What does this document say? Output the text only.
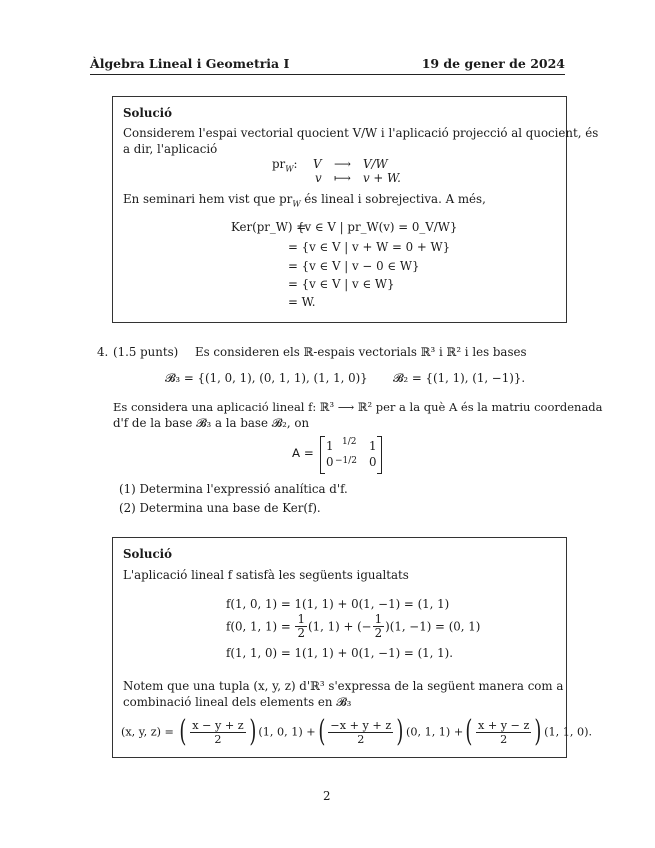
Àlgebra Lineal i Geometria I	19 de gener de 2024
Solució
Considerem l'espai vectorial quocient V/W i l'aplicació projecció al quocient, és
a dir, l'aplicació
$pr_W$: V ⟶ V/W
v ⟼ v + W.
En seminari hem vist que $pr_W$ és lineal i sobrejectiva. A més,
Ker(pr_W) =
{v ∈ V | pr_W(v) = 0_V/W}
= {v ∈ V | v + W = 0 + W}
= {v ∈ V | v − 0 ∈ W}
= {v ∈ V | v ∈ W}
= W.
4. (1.5 punts) Es consideren els ℝ-espais vectorials ℝ³ i ℝ² i les bases
𝓑₃ = {(1, 0, 1), (0, 1, 1), (1, 1, 0)} 𝓑₂ = {(1, 1), (1, −1)}.
Es considera una aplicació lineal f: ℝ³ ⟶ ℝ² per a la què A és la matriu coordenada
d'f de la base 𝓑₃ a la base 𝓑₂, on
A = 1 1/2 1
0 −1/2 0
(1) Determina l'expressió analítica d'f.
(2) Determina una base de Ker(f).
Solució
L'aplicació lineal f satisfà les següents igualtats
f(1, 0, 1) = 1(1, 1) + 0(1, −1) = (1, 1)
f(0, 1, $1) = \frac{1}{2} (1$, 1) + (− $\frac{1}{2} )(1$, −1) = (0, 1)
f(1, 1, 0) = 1(1, 1) + 0(1, −1) = (1, 1).
Notem que una tupla (x, y, z) d'ℝ³ s'expressa de la següent manera com a
combinació lineal dels elements en 𝓑₃
(x, y, z) = ( $\frac{x - y + z}{2}$ ) (1, 0, 1) +( $\frac{-x + y + z}{2}$ ) (0, 1, 1) +( $\frac{x + y - z}{2}$ ) (1, 1, 0).
2
